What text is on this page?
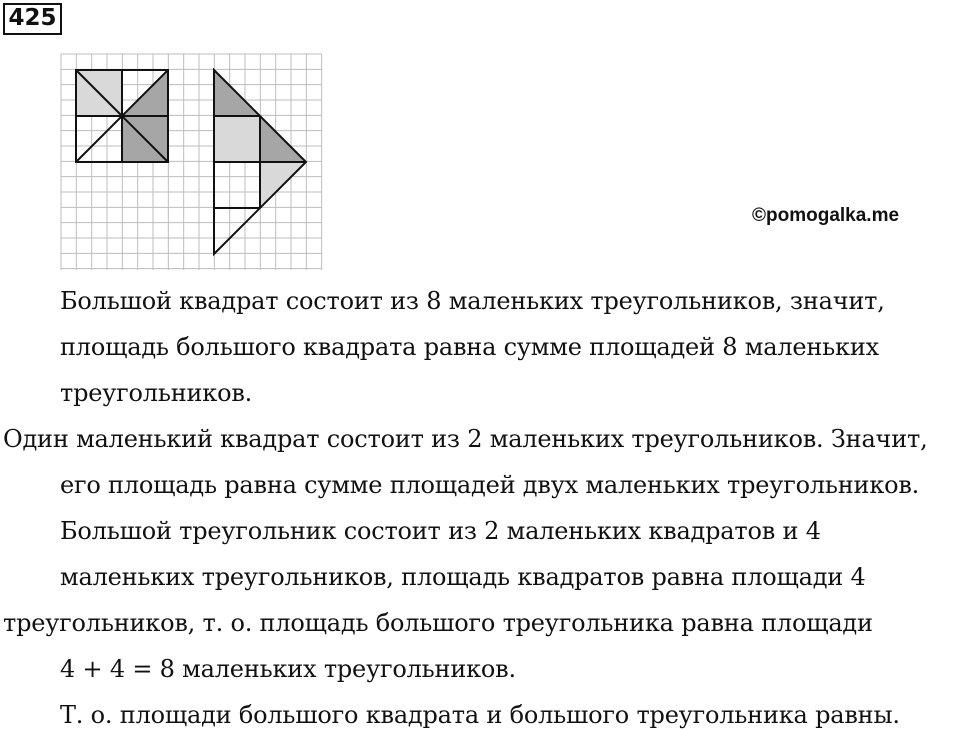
425
©pomogalka.me
Большой квадрат состоит из 8 маленьких треугольников, значит,
площадь большого квадрата равна сумме площадей 8 маленьких
треугольников.
Один маленький квадрат состоит из 2 маленьких треугольников. Значит,
его площадь равна сумме площадей двух маленьких треугольников.
Большой треугольник состоит из 2 маленьких квадратов и 4
маленьких треугольников, площадь квадратов равна площади 4
треугольников, т. о. площадь большого треугольника равна площади
4 + 4 = 8 маленьких треугольников.
Т. о. площади большого квадрата и большого треугольника равны.
